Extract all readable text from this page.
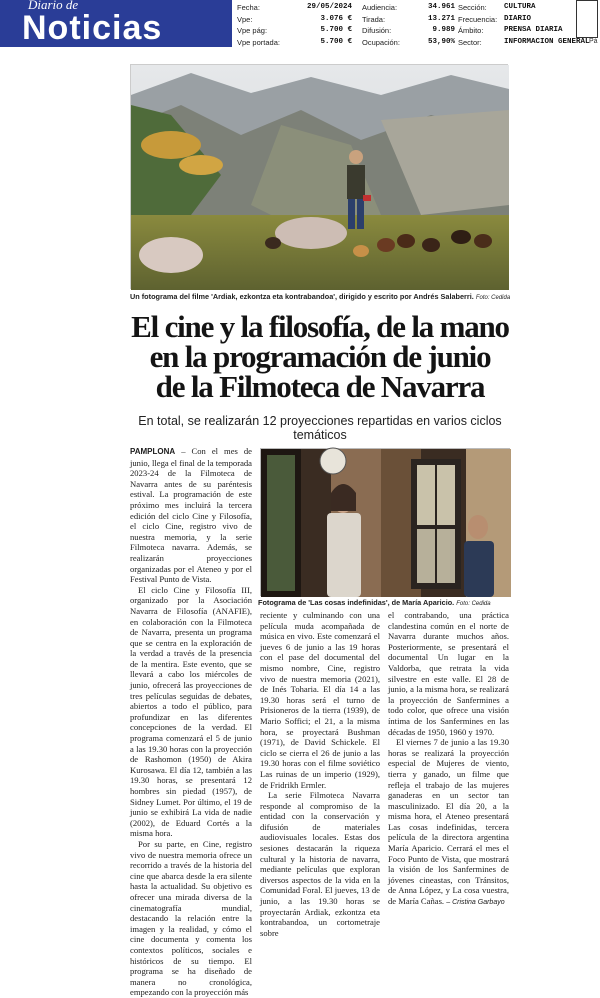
Diario de
Noticias
Fecha:	29/05/2024
Vpe:	3.076 €
Vpe pág:	5.700 €
Vpe portada:	5.700 €
Audiencia:	34.961
Tirada:	13.271
Difusión:	9.989
Ocupación:	53,90%
Sección:	CULTURA
Frecuencia: DIARIO
Ámbito:	PRENSA DIARIA
Sector:	INFORMACION GENERAL Pá
Un fotograma del filme 'Ardiak, ezkontza eta kontrabandoa', dirigido y escrito por Andrés Salaberri. Foto: Cedida
El cine y la filosofía, de la mano
en la programación de junio
de la Filmoteca de Navarra
En total, se realizarán 12 proyecciones repartidas en varios ciclos temáticos

PAMPLONA – Con el mes de junio, llega el final de la temporada 2023-24 de la Filmoteca de Navarra antes de su paréntesis estival. La programación de este próximo mes incluirá la tercera edición del ciclo Cine y Filosofía, el ciclo Cine, registro vivo de nuestra memoria, y la serie Filmoteca navarra. Además, se realizarán proyecciones organizadas por el Ateneo y por el Festival Punto de Vista.

El ciclo Cine y Filosofía III, organizado por la Asociación Navarra de Filosofía (ANAFIE), en colaboración con la Filmoteca de Navarra, presenta un programa que se centra en la exploración de la verdad a través de la presencia de la mentira. Este evento, que se llevará a cabo los miércoles de junio, ofrecerá las proyecciones de tres películas seguidas de debates, abiertos a todo el público, para profundizar en las diferentes concepciones de la verdad. El programa comenzará el 5 de junio a las 19.30 horas con la proyección de Rashomon (1950) de Akira Kurosawa. El día 12, también a las 19.30 horas, se presentará 12 hombres sin piedad (1957), de Sidney Lumet. Por último, el 19 de junio se exhibirá La vida de nadie (2002), de Eduard Cortés a la misma hora.

Por su parte, en Cine, registro vivo de nuestra memoria ofrece un recorrido a través de la historia del cine que abarca desde la era silente hasta la actualidad. Su objetivo es ofrecer una mirada diversa de la cinematografía mundial, destacando la relación entre la imagen y la realidad, y cómo el cine documenta y comenta los contextos políticos, sociales e históricos de su tiempo. El programa se ha diseñado de manera no cronológica, empezando con la proyección más

Fotograma de 'Las cosas indefinidas', de María Aparicio. Foto: Cedida

reciente y culminando con una película muda acompañada de música en vivo. Este comenzará el jueves 6 de junio a las 19 horas con el pase del documental del mismo nombre, Cine, registro vivo de nuestra memoria (2021), de Inés Toharia. El día 14 a las 19.30 horas será el turno de Prisioneros de la tierra (1939), de Mario Soffici; el 21, a la misma hora, se proyectará Bushman (1971), de David Schickele. El ciclo se cierra el 26 de junio a las 19.30 horas con el filme soviético Las ruinas de un imperio (1929), de Fridrikh Ermler.

La serie Filmoteca Navarra responde al compromiso de la entidad con la conservación y difusión de materiales audiovisuales locales. Estas dos sesiones destacarán la riqueza cultural y la historia de navarra, mediante películas que exploran diversos aspectos de la vida en la Comunidad Foral. El jueves, 13 de junio, a las 19.30 horas se proyectarán Ardiak, ezkontza eta kontrabandoa, un cortometraje sobre

el contrabando, una práctica clandestina común en el norte de Navarra durante muchos años. Posteriormente, se presentará el documental Un lugar en la Valdorba, que retrata la vida silvestre en este valle. El 28 de junio, a la misma hora, se realizará la proyección de Sanfermines a todo color, que ofrece una visión íntima de los Sanfermines en las décadas de 1950, 1960 y 1970.

El viernes 7 de junio a las 19.30 horas se realizará la proyección especial de Mujeres de viento, tierra y ganado, un filme que refleja el trabajo de las mujeres ganaderas en un sector tan masculinizado. El día 20, a la misma hora, el Ateneo presentará Las cosas indefinidas, tercera película de la directora argentina María Aparicio. Cerrará el mes el Foco Punto de Vista, que mostrará la visión de los Sanfermines de jóvenes cineastas, con Tránsitos, de Anna López, y La cosa vuestra, de María Cañas. – Cristina Garbayo
